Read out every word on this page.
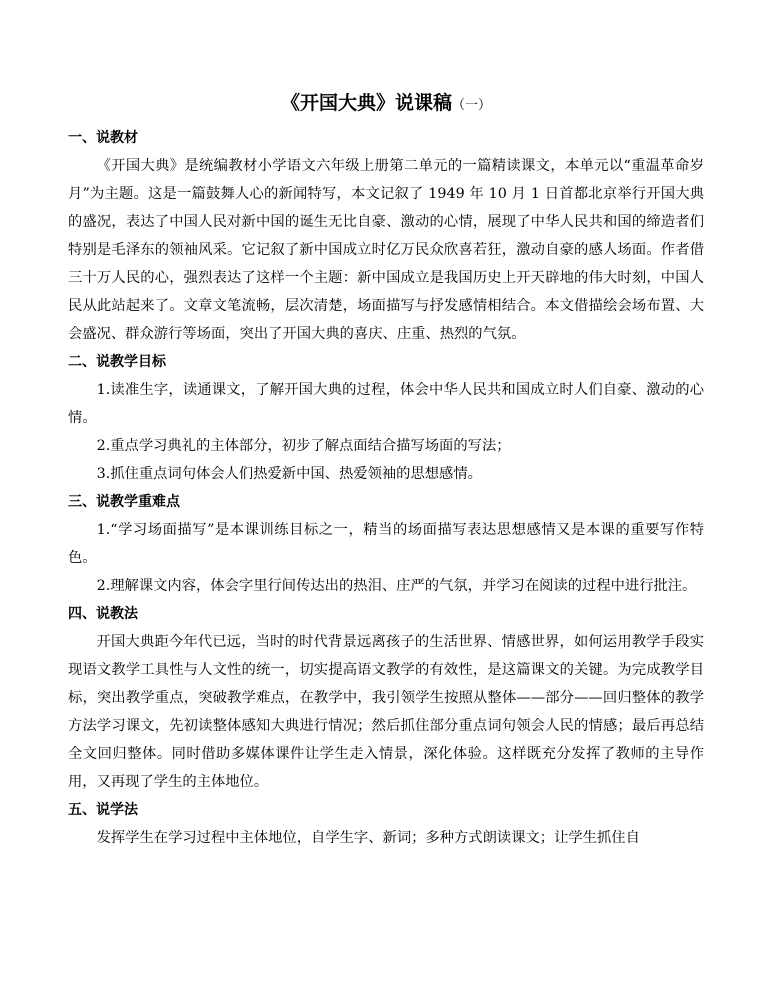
《开国大典》说课稿（一）
一、说教材

《开国大典》是统编教材小学语文六年级上册第二单元的一篇精读课文，本单元以“重温革命岁月”为主题。这是一篇鼓舞人心的新闻特写，本文记叙了 1949 年 10 月 1 日首都北京举行开国大典的盛况，表达了中国人民对新中国的诞生无比自豪、激动的心情，展现了中华人民共和国的缔造者们特别是毛泽东的领袖风采。它记叙了新中国成立时亿万民众欣喜若狂，激动自豪的感人场面。作者借三十万人民的心，强烈表达了这样一个主题：新中国成立是我国历史上开天辟地的伟大时刻，中国人民从此站起来了。文章文笔流畅，层次清楚，场面描写与抒发感情相结合。本文借描绘会场布置、大会盛况、群众游行等场面，突出了开国大典的喜庆、庄重、热烈的气氛。

二、说教学目标

1.读准生字，读通课文，了解开国大典的过程，体会中华人民共和国成立时人们自豪、激动的心情。

2.重点学习典礼的主体部分，初步了解点面结合描写场面的写法；

3.抓住重点词句体会人们热爱新中国、热爱领袖的思想感情。

三、说教学重难点

1.“学习场面描写”是本课训练目标之一，精当的场面描写表达思想感情又是本课的重要写作特色。

2.理解课文内容，体会字里行间传达出的热泪、庄严的气氛，并学习在阅读的过程中进行批注。

四、说教法

开国大典距今年代已远，当时的时代背景远离孩子的生活世界、情感世界，如何运用教学手段实现语文教学工具性与人文性的统一，切实提高语文教学的有效性，是这篇课文的关键。为完成教学目标，突出教学重点，突破教学难点，在教学中，我引领学生按照从整体——部分——回归整体的教学方法学习课文，先初读整体感知大典进行情况；然后抓住部分重点词句领会人民的情感；最后再总结全文回归整体。同时借助多媒体课件让学生走入情景，深化体验。这样既充分发挥了教师的主导作用，又再现了学生的主体地位。

五、说学法

发挥学生在学习过程中主体地位，自学生字、新词；多种方式朗读课文；让学生抓住自
